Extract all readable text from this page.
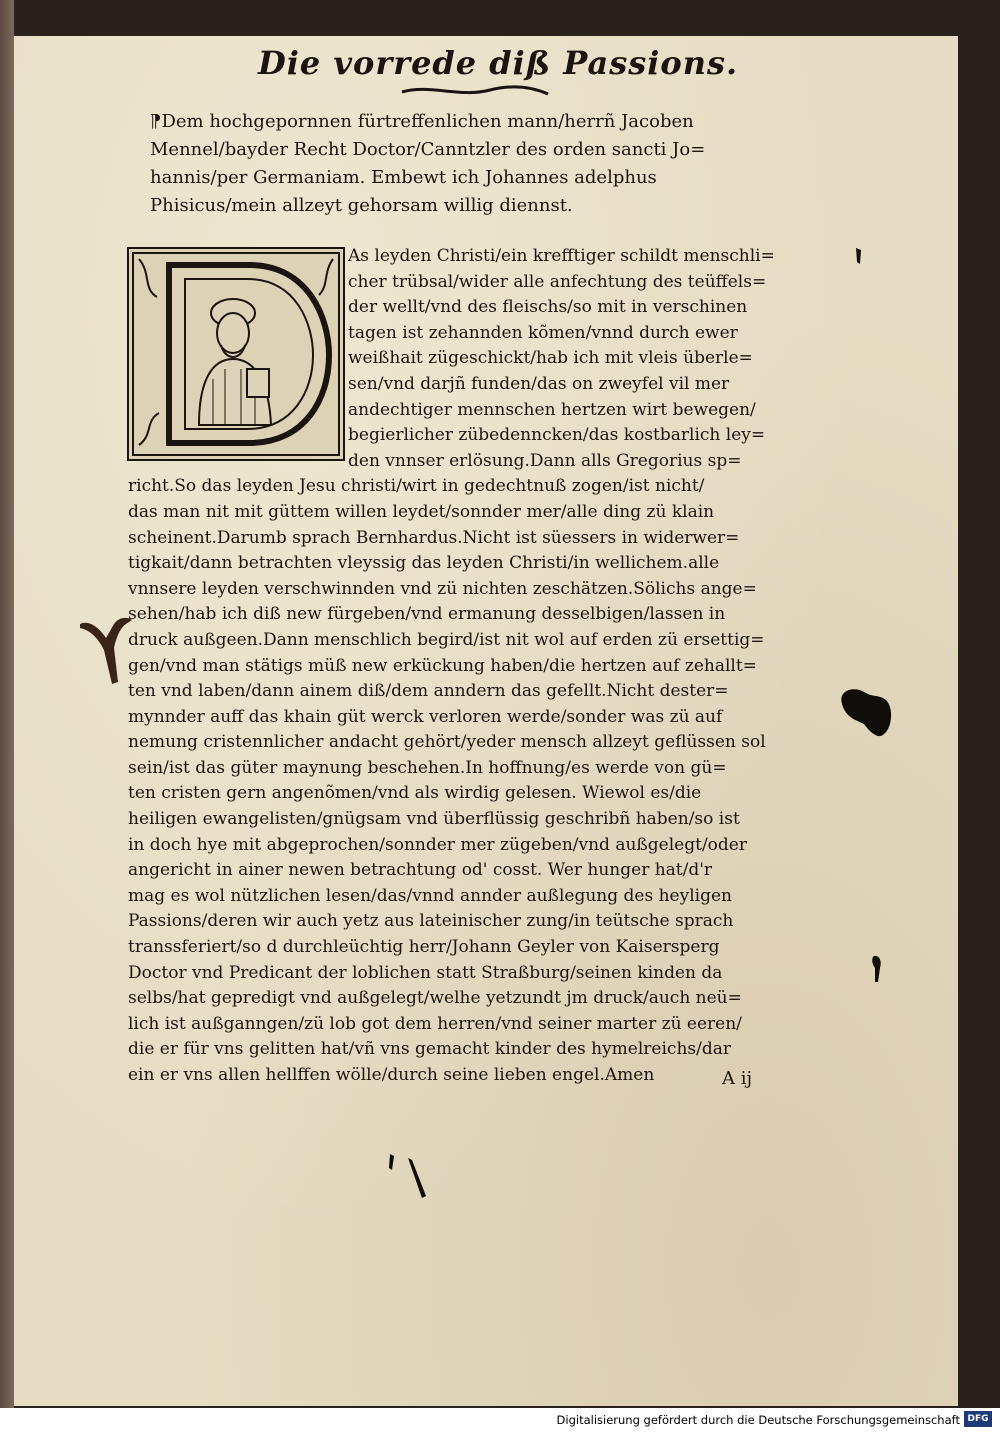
Die vorrede diß Passions.
⁋Dem hochgepornnen fürtreffenlichen mann/herrñ Jacoben
Mennel/bayder Recht Doctor/Canntzler des orden sancti Jo=
hannis/per Germaniam. Embewt ich Johannes adelphus
Phisicus/mein allzeyt gehorsam willig diennst.
As leyden Christi/ein krefftiger schildt menschli=
cher trübsal/wider alle anfechtung des teüffels=
der wellt/vnd des fleischs/so mit in verschinen
tagen ist zehannden kõmen/vnnd durch ewer
weißhait zügeschickt/hab ich mit vleis überle=
sen/vnd darjñ funden/das on zweyfel vil mer
andechtiger mennschen hertzen wirt bewegen/
begierlicher zübedenncken/das kostbarlich ley=
den vnnser erlösung.Dann alls Gregorius sp=
richt.So das leyden Jesu christi/wirt in gedechtnuß zogen/ist nicht/
das man nit mit güttem willen leydet/sonnder mer/alle ding zü klain
scheinent.Darumb sprach Bernhardus.Nicht ist süessers in widerwer=
tigkait/dann betrachten vleyssig das leyden Christi/in wellichem.alle
vnnsere leyden verschwinnden vnd zü nichten zeschätzen.Sölichs ange=
sehen/hab ich diß new fürgeben/vnd ermanung desselbigen/lassen in
druck außgeen.Dann menschlich begird/ist nit wol auf erden zü ersettig=
gen/vnd man stätigs müß new erkückung haben/die hertzen auf zehallt=
ten vnd laben/dann ainem diß/dem anndern das gefellt.Nicht dester=
mynnder auff das khain güt werck verloren werde/sonder was zü auf
nemung cristennlicher andacht gehört/yeder mensch allzeyt geflüssen sol
sein/ist das güter maynung beschehen.In hoffnung/es werde von gü=
ten cristen gern angenõmen/vnd als wirdig gelesen. Wiewol es/die
heiligen ewangelisten/gnügsam vnd überflüssig geschribñ haben/so ist
in doch hye mit abgeprochen/sonnder mer zügeben/vnd außgelegt/oder
angericht in ainer newen betrachtung od' cosst. Wer hunger hat/d'r
mag es wol nützlichen lesen/das/vnnd annder außlegung des heyligen
Passions/deren wir auch yetz aus lateinischer zung/in teütsche sprach
transsferiert/so d durchleüchtig herr/Johann Geyler von Kaisersperg
Doctor vnd Predicant der loblichen statt Straßburg/seinen kinden da
selbs/hat gepredigt vnd außgelegt/welhe yetzundt jm druck/auch neü=
lich ist außganngen/zü lob got dem herren/vnd seiner marter zü eeren/
die er für vns gelitten hat/vñ vns gemacht kinder des hymelreichs/dar
ein er vns allen hellffen wölle/durch seine lieben engel.Amen	A ij
Digitalisierung gefördert durch die Deutsche Forschungsgemeinschaft DFG
